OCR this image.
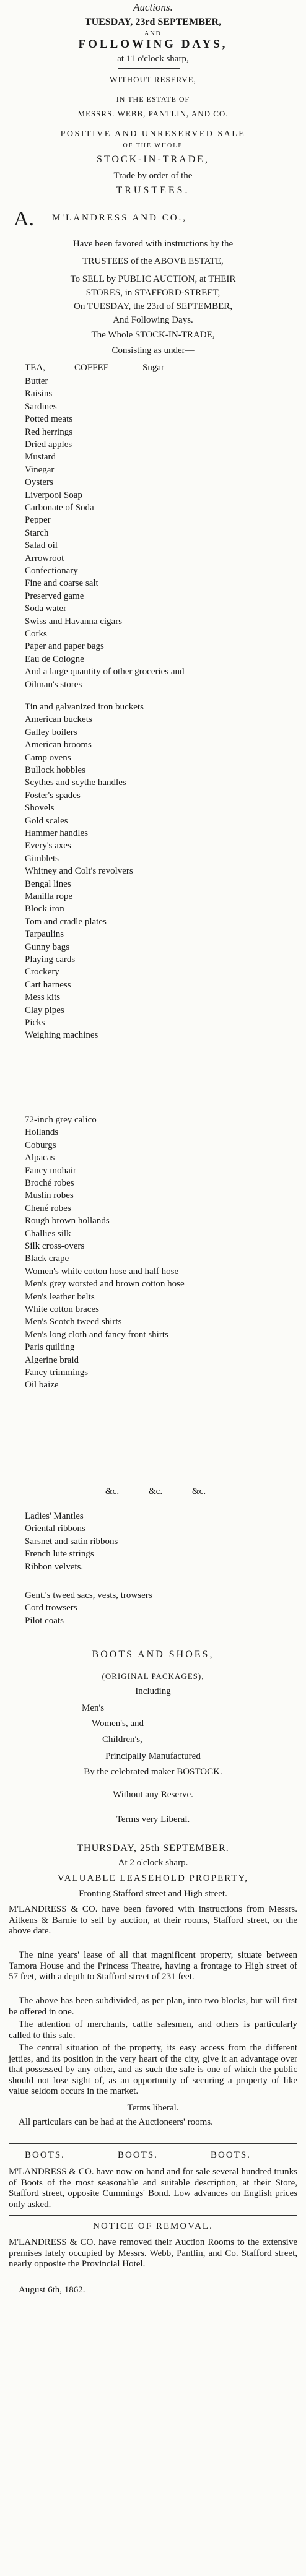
Auctions.
TUESDAY, 23rd SEPTEMBER,
AND
FOLLOWING DAYS,
at 11 o'clock sharp,
WITHOUT RESERVE,
IN THE ESTATE OF
MESSRS. WEBB, PANTLIN, AND CO.
POSITIVE AND UNRESERVED SALE
OF THE WHOLE
STOCK-IN-TRADE,
Trade by order of the
TRUSTEES.
A. M'LANDRESS AND CO.,
Have been favored with instructions by the
TRUSTEES of the ABOVE ESTATE,
To SELL by PUBLIC AUCTION, at THEIR
STORES, in STAFFORD-STREET,
On TUESDAY, the 23rd of SEPTEMBER,
And Following Days.
The Whole STOCK-IN-TRADE,
Consisting as under—
TEA,	COFFEE	Sugar
Butter
Raisins
Sardines
Potted meats
Red herrings
Dried apples
Mustard
Vinegar
Oysters
Liverpool Soap
Carbonate of Soda
Pepper
Starch
Salad oil
Arrowroot
Confectionary
Fine and coarse salt
Preserved game
Soda water
Swiss and Havanna cigars
Corks
Paper and paper bags
Eau de Cologne
And a large quantity of other groceries and
Oilman's stores
Tin and galvanized iron buckets
American buckets
Galley boilers
American brooms
Camp ovens
Bullock hobbles
Scythes and scythe handles
Foster's spades
Shovels
Gold scales
Hammer handles
Every's axes
Gimblets
Whitney and Colt's revolvers
Bengal lines
Manilla rope
Block iron
Tom and cradle plates
Tarpaulins
Gunny bags
Playing cards
Crockery
Cart harness
Mess kits
Clay pipes
Picks
Weighing machines
72-inch grey calico
Hollands
Coburgs
Alpacas
Fancy mohair
Broché robes
Muslin robes
Chené robes
Rough brown hollands
Challies silk
Silk cross-overs
Black crape
Women's white cotton hose and half hose
Men's grey worsted and brown cotton hose
Men's leather belts
White cotton braces
Men's Scotch tweed shirts
Men's long cloth and fancy front shirts
Paris quilting
Algerine braid
Fancy trimmings
Oil baize
&c.	&c.	&c.
Ladies' Mantles
Oriental ribbons
Sarsnet and satin ribbons
French lute strings
Ribbon velvets.
Gent.'s tweed sacs, vests, trowsers
Cord trowsers
Pilot coats
BOOTS AND SHOES,
(ORIGINAL PACKAGES),
Including
Men's
Women's, and
Children's,
Principally Manufactured
By the celebrated maker BOSTOCK.
Without any Reserve.
Terms very Liberal.
THURSDAY, 25th SEPTEMBER.
At 2 o'clock sharp.
VALUABLE LEASEHOLD PROPERTY,
Fronting Stafford street and High street.
M'LANDRESS & CO. have been favored with instructions from Messrs. Aitkens & Barnie to sell by auction, at their rooms, Stafford street, on the above date.
The nine years' lease of all that magnificent property, situate between Tamora House and the Princess Theatre, having a frontage to High street of 57 feet, with a depth to Stafford street of 231 feet.
The above has been subdivided, as per plan, into two blocks, but will first be offered in one.
The attention of merchants, cattle salesmen, and others is particularly called to this sale.
The central situation of the property, its easy access from the different jetties, and its position in the very heart of the city, give it an advantage over that possessed by any other, and as such the sale is one of which the public should not lose sight of, as an opportunity of securing a property of like value seldom occurs in the market.
Terms liberal.
All particulars can be had at the Auctioneers' rooms.
BOOTS.	BOOTS.	BOOTS.
M'LANDRESS & CO. have now on hand and for sale several hundred trunks of Boots of the most seasonable and suitable description, at their Store, Stafford street, opposite Cummings' Bond. Low advances on English prices only asked.
NOTICE OF REMOVAL.
M'LANDRESS & CO. have removed their Auction Rooms to the extensive premises lately occupied by Messrs. Webb, Pantlin, and Co. Stafford street, nearly opposite the Provincial Hotel.
August 6th, 1862.
